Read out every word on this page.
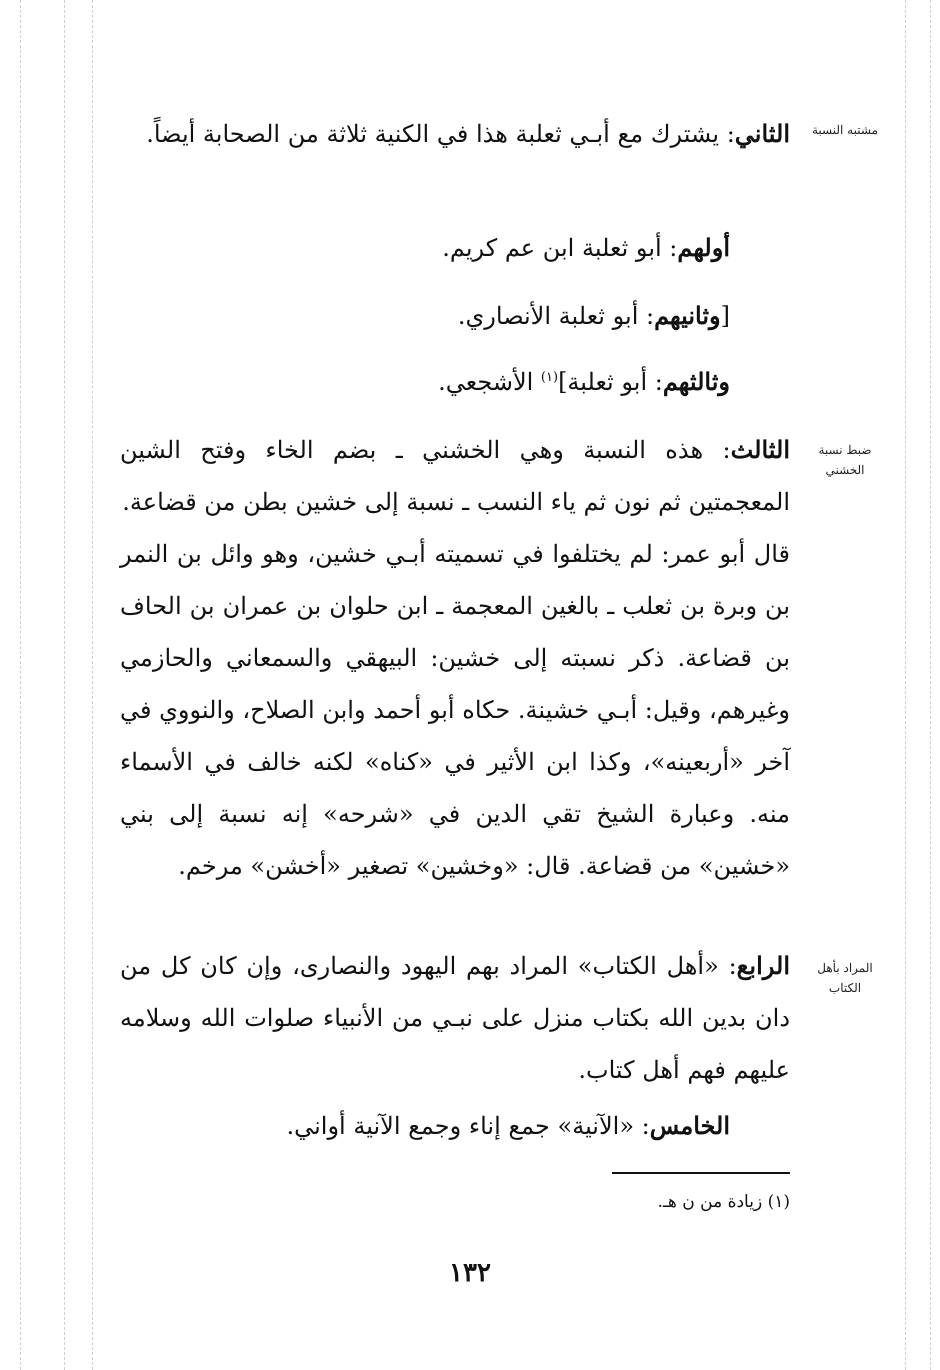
مشتبه النسبة
ضبط نسبة الخشني
المراد بأهل الكتاب

الثاني: يشترك مع أبـي ثعلبة هذا في الكنية ثلاثة من الصحابة أيضاً.

أولهم: أبو ثعلبة ابن عم كريم.

[وثانيهم: أبو ثعلبة الأنصاري.

وثالثهم: أبو ثعلبة]$^{(١)}$ الأشجعي.

الثالث: هذه النسبة وهي الخشني ـ بضم الخاء وفتح الشين المعجمتين ثم نون ثم ياء النسب ـ نسبة إلى خشين بطن من قضاعة.

قال أبو عمر: لم يختلفوا في تسميته أبـي خشين، وهو وائل بن النمر بن وبرة بن ثعلب ـ بالغين المعجمة ـ ابن حلوان بن عمران بن الحاف بن قضاعة. ذكر نسبته إلى خشين: البيهقي والسمعاني والحازمي وغيرهم، وقيل: أبـي خشينة. حكاه أبو أحمد وابن الصلاح، والنووي في آخر «أربعينه»، وكذا ابن الأثير في «كناه» لكنه خالف في الأسماء منه. وعبارة الشيخ تقي الدين في «شرحه» إنه نسبة إلى بني «خشين» من قضاعة. قال: «وخشين» تصغير «أخشن» مرخم.

الرابع: «أهل الكتاب» المراد بهم اليهود والنصارى، وإن كان كل من دان بدين الله بكتاب منزل على نبـي من الأنبياء صلوات الله وسلامه عليهم فهم أهل كتاب.

الخامس: «الآنية» جمع إناء وجمع الآنية أواني.

(١) زيادة من ن هـ.
١٣٢
